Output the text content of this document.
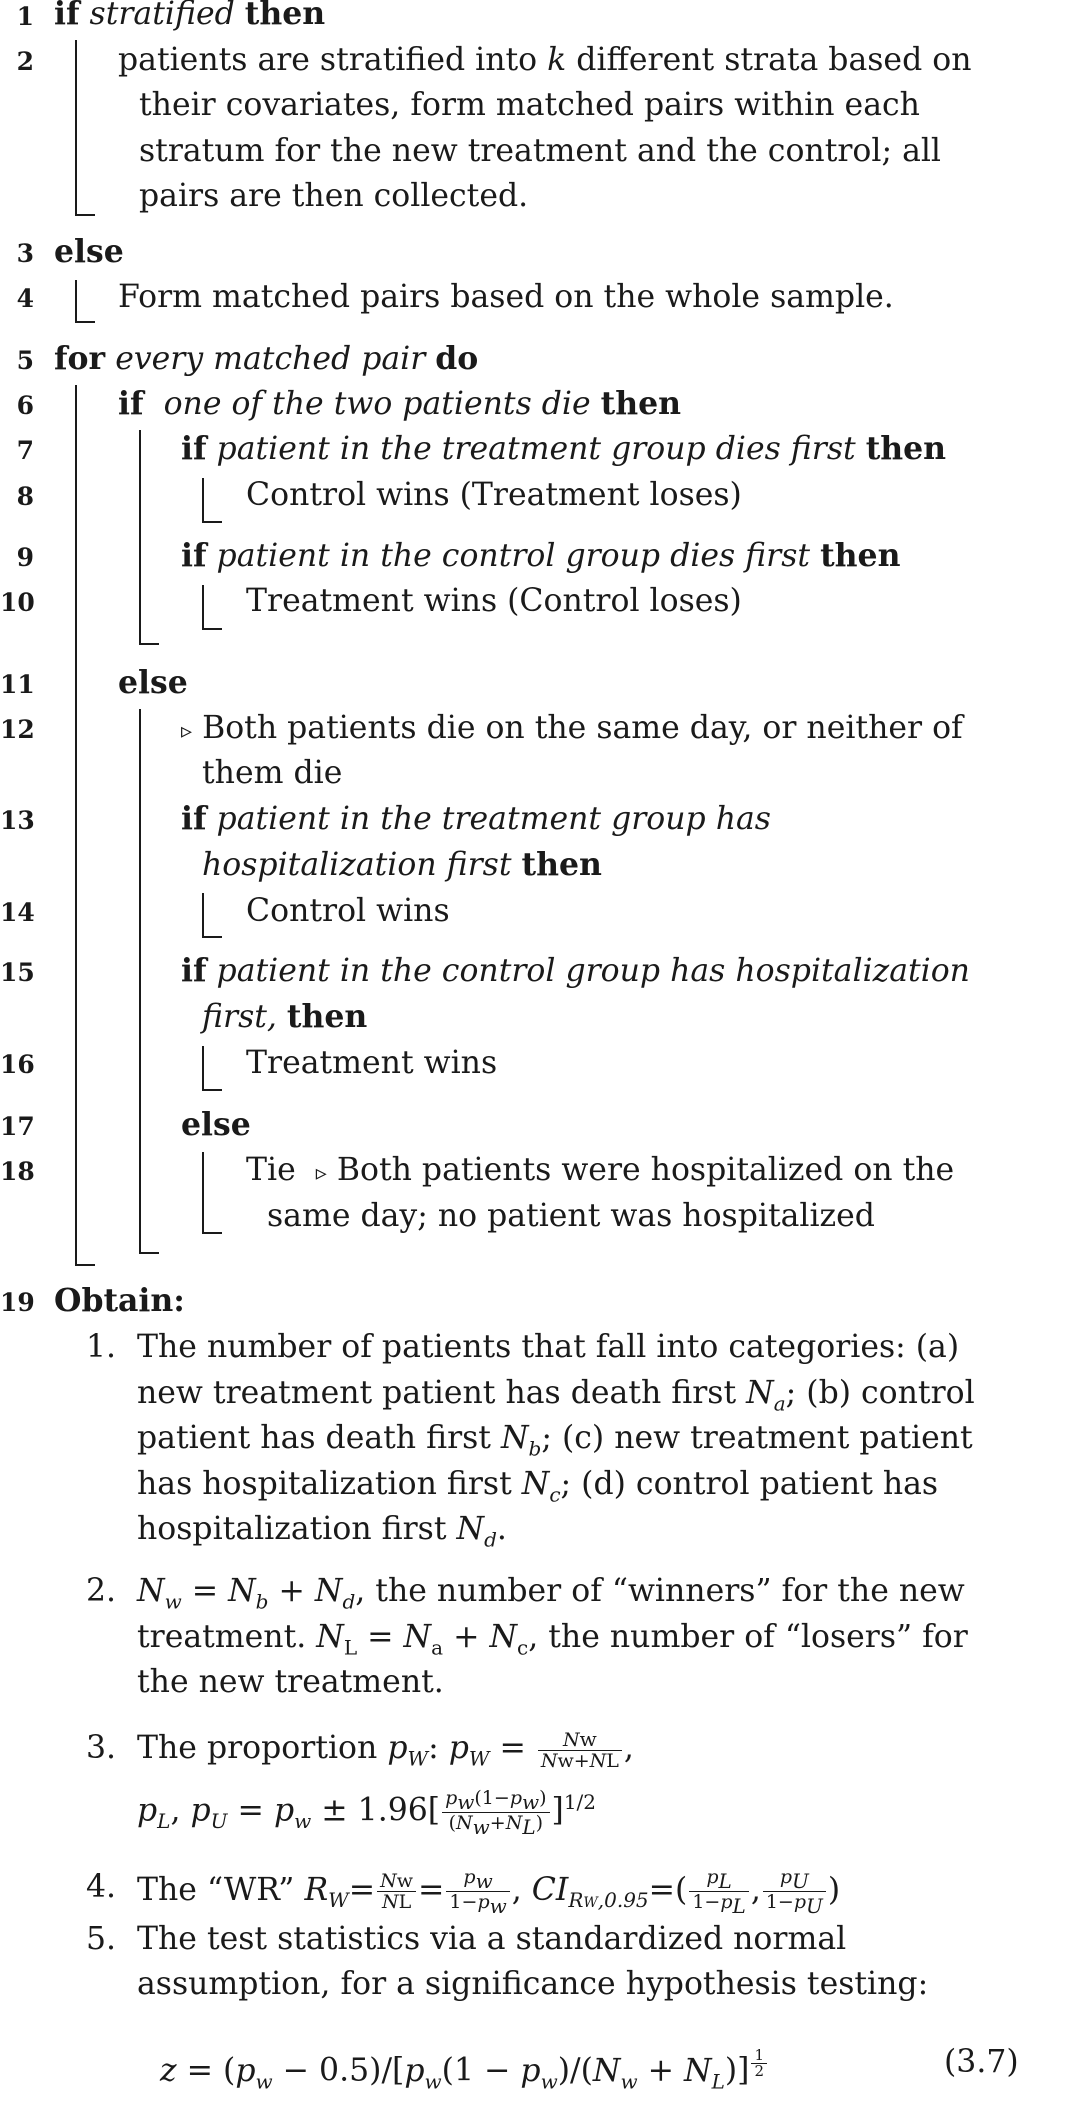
1
2
3
4
5
6
7
8
9
10
11
12
13
14
15
16
17
18
19
if stratified then
patients are stratified into k different strata based on
their covariates, form matched pairs within each
stratum for the new treatment and the control; all
pairs are then collected.
else
Form matched pairs based on the whole sample.
for every matched pair do
if one of the two patients die then
if patient in the treatment group dies first then
Control wins (Treatment loses)
if patient in the control group dies first then
Treatment wins (Control loses)
else
▹ Both patients die on the same day, or neither of
them die
if patient in the treatment group has
hospitalization first then
Control wins
if patient in the control group has hospitalization
first, then
Treatment wins
else
Tie ▹ Both patients were hospitalized on the
same day; no patient was hospitalized
Obtain:
1. The number of patients that fall into categories: (a)
new treatment patient has death first $N_a$; (b) control
patient has death first $N_b$; (c) new treatment patient
has hospitalization first $N_c$; (d) control patient has
hospitalization first $N_d$.
2. $N_w = N_b + N_d$, the number of “winners” for the new
treatment. $N_L = N_a + N_c$, the number of “losers” for
the new treatment.
3. The proportion $p_W$: $p_W = \frac{Nw}{Nw+NL}$ ,
$p_L$, $p_U = p_w \pm 1.96[ \frac{p_w(1-p_w)}{(N_w+N_L)} ]^{1/2}$
4. The “WR” $R_W= \frac{Nw}{NL} = \frac{p_w}{1-p_w}$ , $CI_{RW,0.95}=( \frac{p_L}{1-p_L}$ , $\frac{p_U}{1-p_U}$ )
5. The test statistics via a standardized normal
assumption, for a significance hypothesis testing:
$z = (p_w - 0.5)/[p_w(1 - p_w)/(N_w + N_L)]$ $^{\frac{1}{2}}$	(3.7)
